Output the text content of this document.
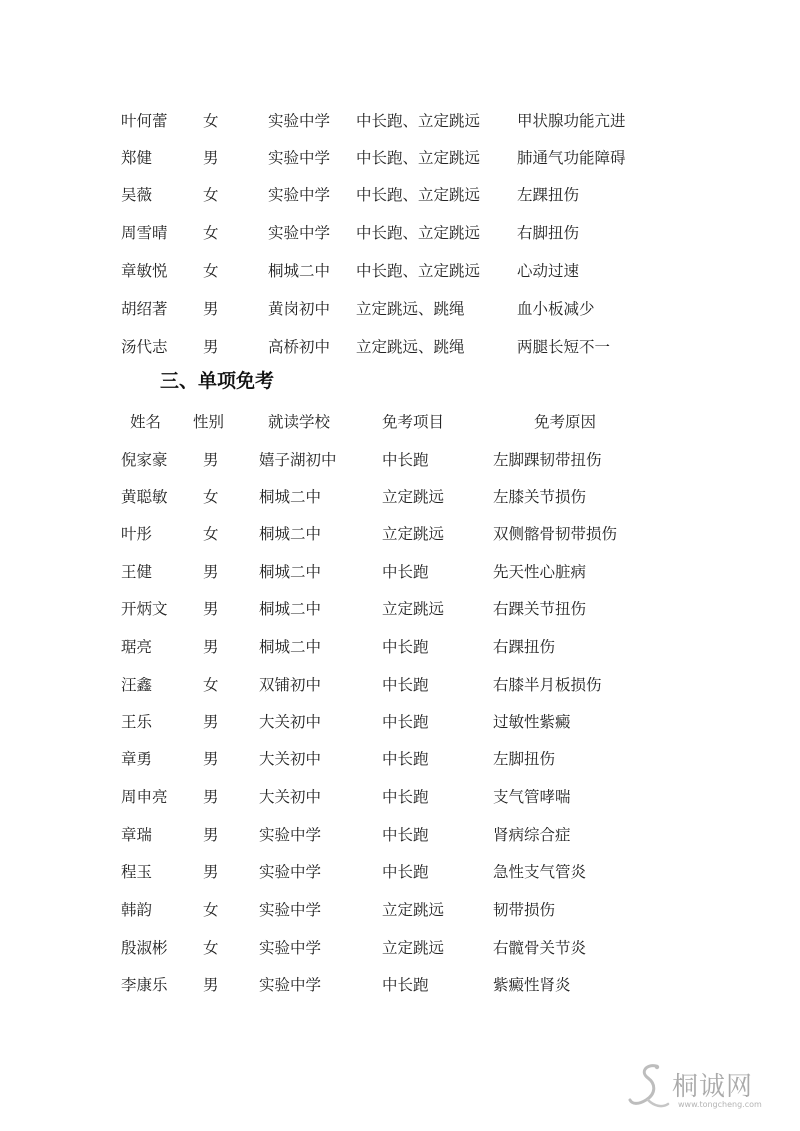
叶何蕾 女	实验中学 中长跑、立定跳远 甲状腺功能亢进
郑健	男	实验中学 中长跑、立定跳远 肺通气功能障碍
吴薇	女	实验中学 中长跑、立定跳远 左踝扭伤
周雪晴 女	实验中学 中长跑、立定跳远 右脚扭伤
章敏悦 女	桐城二中 中长跑、立定跳远 心动过速
胡绍著 男	黄岗初中 立定跳远、跳绳	血小板减少
汤代志 男	高桥初中 立定跳远、跳绳	两腿长短不一
三、单项免考
姓名 性别	就读学校	免考项目	免考原因
倪家豪 男	嬉子湖初中	中长跑	左脚踝韧带扭伤
黄聪敏 女	桐城二中	立定跳远	左膝关节损伤
叶彤	女	桐城二中	立定跳远	双侧髂骨韧带损伤
王健	男	桐城二中	中长跑	先天性心脏病
开炳文 男	桐城二中	立定跳远	右踝关节扭伤
琚亮	男	桐城二中	中长跑	右踝扭伤
汪鑫	女	双铺初中	中长跑	右膝半月板损伤
王乐	男	大关初中	中长跑	过敏性紫癜
章勇	男	大关初中	中长跑	左脚扭伤
周申亮 男	大关初中	中长跑	支气管哮喘
章瑞	男	实验中学	中长跑	肾病综合症
程玉	男	实验中学	中长跑	急性支气管炎
韩韵	女	实验中学	立定跳远	韧带损伤
殷淑彬 女	实验中学	立定跳远	右髋骨关节炎
李康乐 男	实验中学	中长跑	紫癜性肾炎
桐诚网
www.tongcheng.com
